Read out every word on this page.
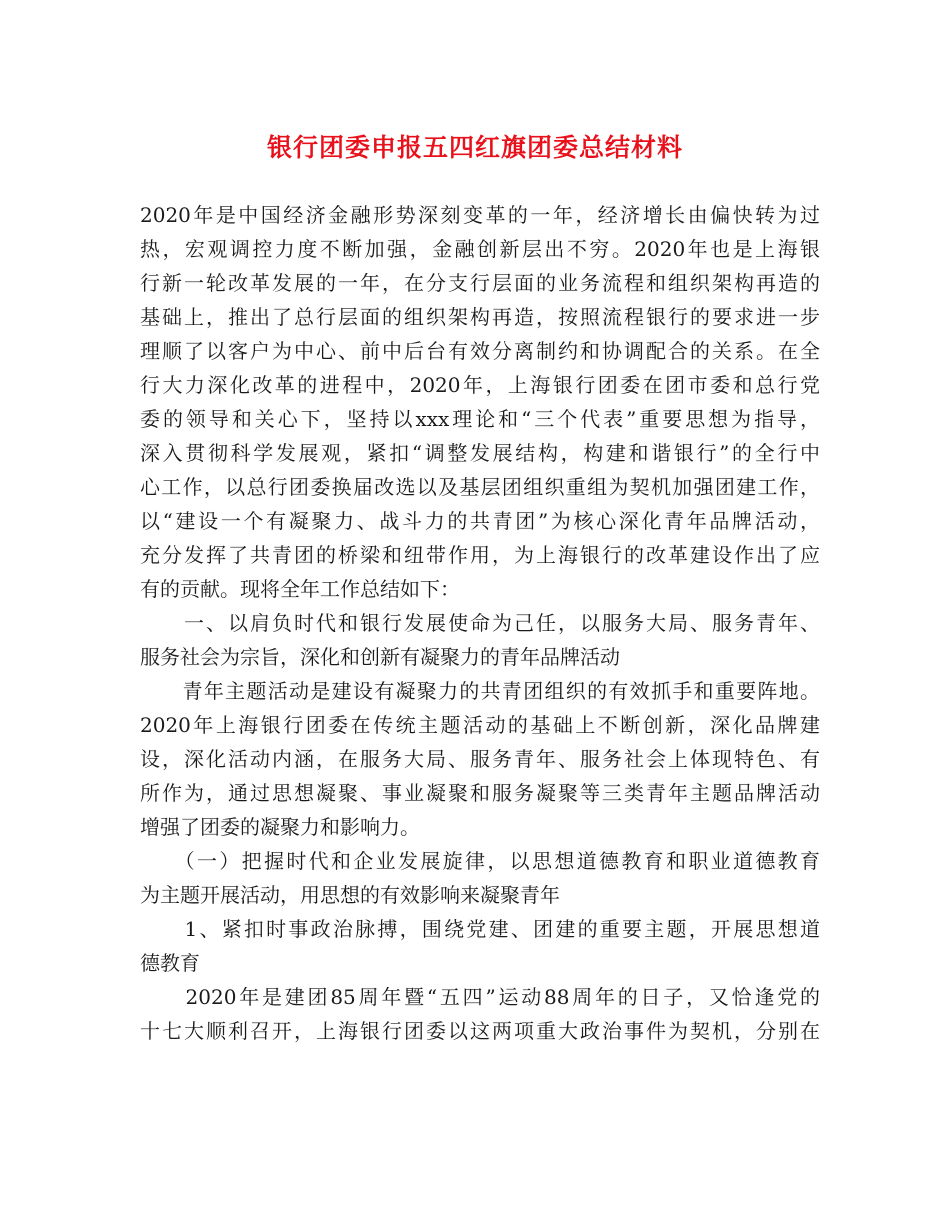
银行团委申报五四红旗团委总结材料
2020年是中国经济金融形势深刻变革的一年，经济增长由偏快转为过
热，宏观调控力度不断加强，金融创新层出不穷。2020年也是上海银
行新一轮改革发展的一年，在分支行层面的业务流程和组织架构再造的
基础上，推出了总行层面的组织架构再造，按照流程银行的要求进一步
理顺了以客户为中心、前中后台有效分离制约和协调配合的关系。在全
行大力深化改革的进程中，2020年，上海银行团委在团市委和总行党
委的领导和关心下，坚持以xxx理论和“三个代表”重要思想为指导，
深入贯彻科学发展观，紧扣“调整发展结构，构建和谐银行”的全行中
心工作，以总行团委换届改选以及基层团组织重组为契机加强团建工作，
以“建设一个有凝聚力、战斗力的共青团”为核心深化青年品牌活动，
充分发挥了共青团的桥梁和纽带作用，为上海银行的改革建设作出了应
有的贡献。现将全年工作总结如下：
　　一、以肩负时代和银行发展使命为己任，以服务大局、服务青年、
服务社会为宗旨，深化和创新有凝聚力的青年品牌活动
　　青年主题活动是建设有凝聚力的共青团组织的有效抓手和重要阵地。
2020年上海银行团委在传统主题活动的基础上不断创新，深化品牌建
设，深化活动内涵，在服务大局、服务青年、服务社会上体现特色、有
所作为，通过思想凝聚、事业凝聚和服务凝聚等三类青年主题品牌活动
增强了团委的凝聚力和影响力。
　　（一）把握时代和企业发展旋律，以思想道德教育和职业道德教育
为主题开展活动，用思想的有效影响来凝聚青年
　　1、紧扣时事政治脉搏，围绕党建、团建的重要主题，开展思想道
德教育
　　2020年是建团85周年暨“五四”运动88周年的日子，又恰逢党的
十七大顺利召开，上海银行团委以这两项重大政治事件为契机，分别在
